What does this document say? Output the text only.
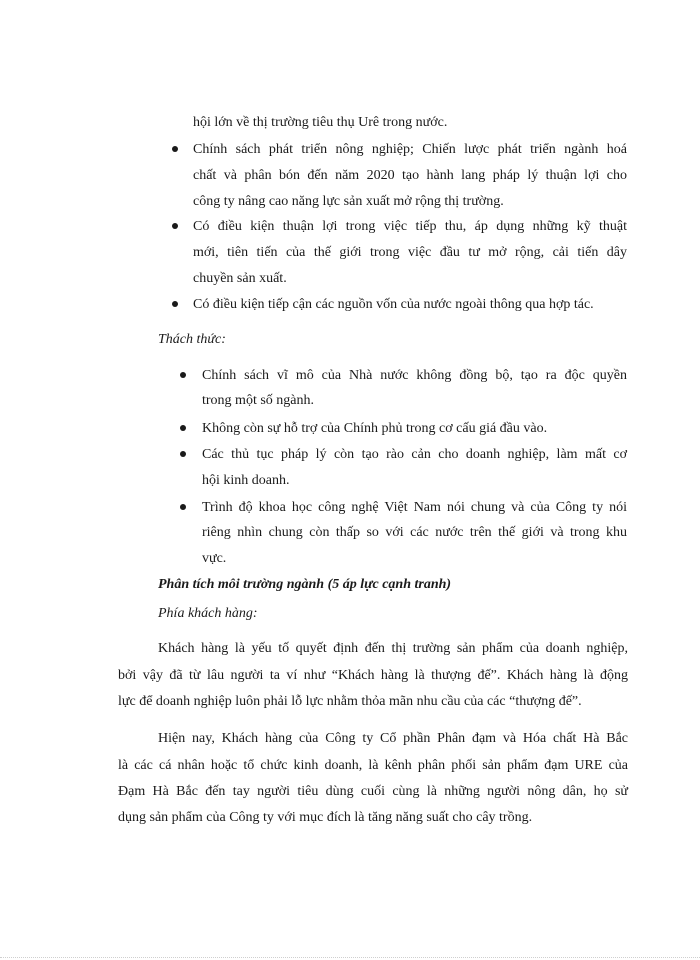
hội lớn về thị trường tiêu thụ Urê trong nước.
Chính sách phát triển nông nghiệp; Chiến lược phát triển ngành hoá
chất và phân bón đến năm 2020 tạo hành lang pháp lý thuận lợi cho
công ty nâng cao năng lực sản xuất mở rộng thị trường.
Có điều kiện thuận lợi trong việc tiếp thu, áp dụng những kỹ thuật
mới, tiên tiến của thế giới trong việc đầu tư mở rộng, cải tiến dây
chuyền sản xuất.
Có điều kiện tiếp cận các nguồn vốn của nước ngoài thông qua hợp tác.
Thách thức:
Chính sách vĩ mô của Nhà nước không đồng bộ, tạo ra độc quyền
trong một số ngành.
Không còn sự hỗ trợ của Chính phủ trong cơ cấu giá đầu vào.
Các thủ tục pháp lý còn tạo rào cản cho doanh nghiệp, làm mất cơ
hội kinh doanh.
Trình độ khoa học công nghệ Việt Nam nói chung và của Công ty nói
riêng nhìn chung còn thấp so với các nước trên thế giới và trong khu
vực.
Phân tích môi trường ngành (5 áp lực cạnh tranh)
Phía khách hàng:
Khách hàng là yếu tố quyết định đến thị trường sản phẩm của doanh nghiệp,
bởi vậy đã từ lâu người ta ví như “Khách hàng là thượng đế”. Khách hàng là động
lực để doanh nghiệp luôn phải lỗ lực nhằm thỏa mãn nhu cầu của các “thượng đế”.
Hiện nay, Khách hàng của Công ty Cổ phần Phân đạm và Hóa chất Hà Bắc
là các cá nhân hoặc tổ chức kinh doanh, là kênh phân phối sản phẩm đạm URE của
Đạm Hà Bắc đến tay người tiêu dùng cuối cùng là những người nông dân, họ sử
dụng sản phẩm của Công ty với mục đích là tăng năng suất cho cây trồng.
